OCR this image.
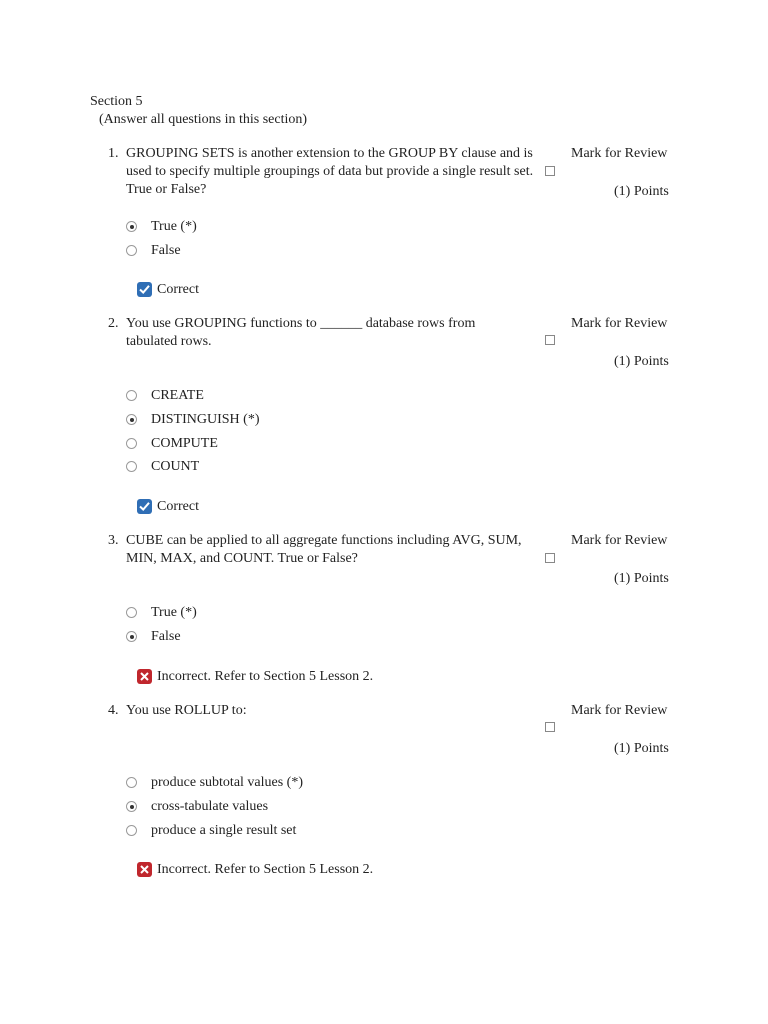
Section 5
(Answer all questions in this section)
1. GROUPING SETS is another extension to the GROUP BY clause and is used to specify multiple groupings of data but provide a single result set. True or False?
Mark for Review
(1) Points
True (*)
False
Correct
2. You use GROUPING functions to ______ database rows from tabulated rows.
Mark for Review
(1) Points
CREATE
DISTINGUISH (*)
COMPUTE
COUNT
Correct
3. CUBE can be applied to all aggregate functions including AVG, SUM, MIN, MAX, and COUNT. True or False?
Mark for Review
(1) Points
True (*)
False
Incorrect. Refer to Section 5 Lesson 2.
4. You use ROLLUP to:	Mark for Review
(1) Points
produce subtotal values (*)
cross-tabulate values
produce a single result set
Incorrect. Refer to Section 5 Lesson 2.
